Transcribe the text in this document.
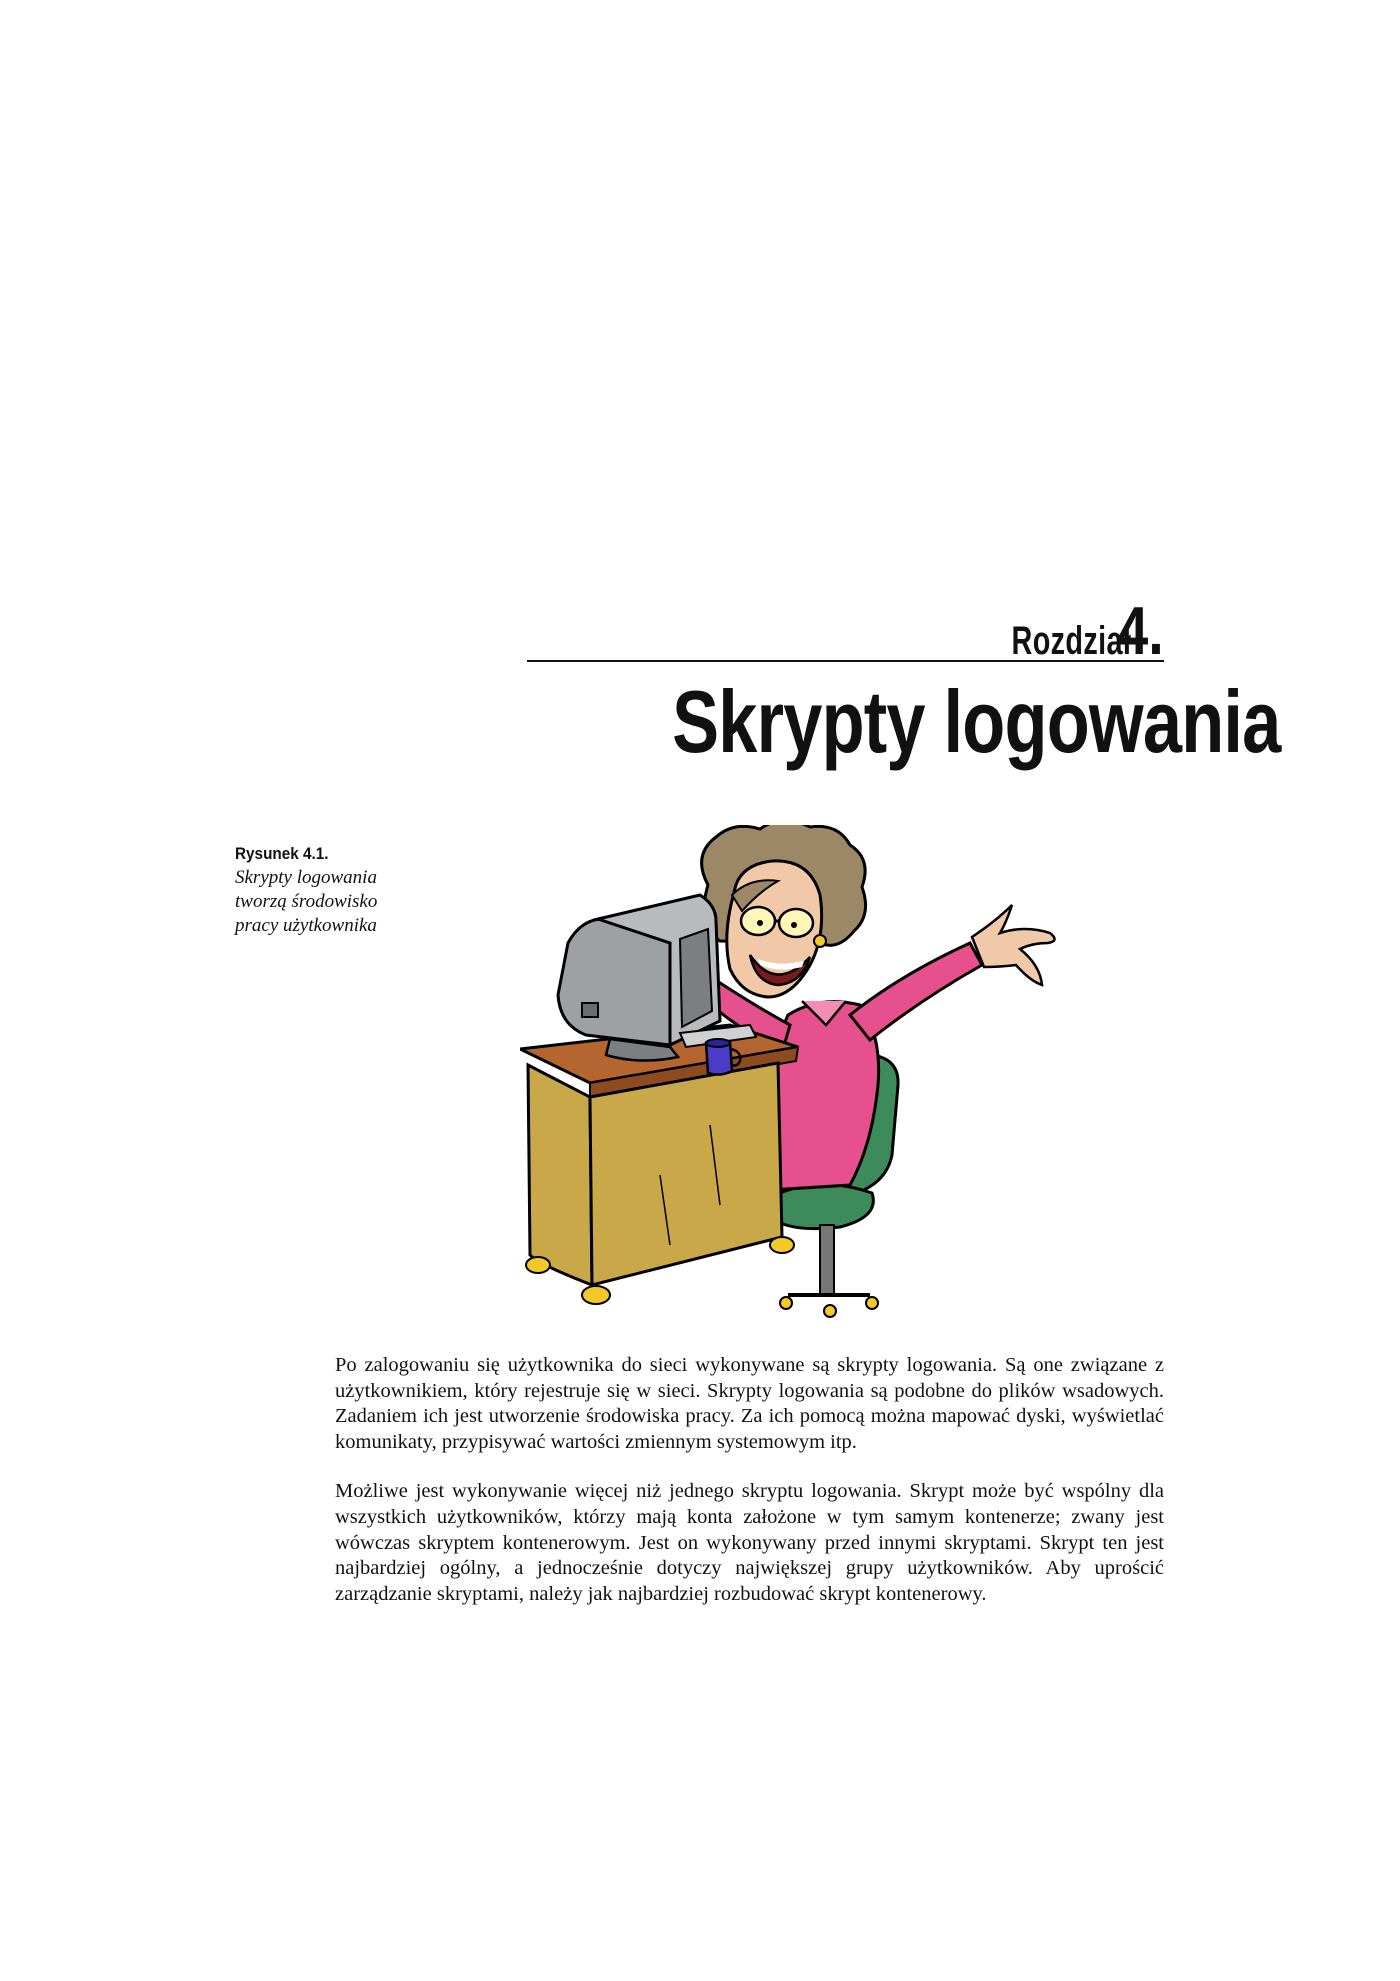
Rozdział 4.
Skrypty logowania
Rysunek 4.1.
Skrypty logowania
tworzą środowisko
pracy użytkownika

Po zalogowaniu się użytkownika do sieci wykonywane są skrypty logowania. Są one związane z użytkownikiem, który rejestruje się w sieci. Skrypty logowania są podobne do plików wsadowych. Zadaniem ich jest utworzenie środowiska pracy. Za ich pomocą można mapować dyski, wyświetlać komunikaty, przypisywać wartości zmiennym systemowym itp.

Możliwe jest wykonywanie więcej niż jednego skryptu logowania. Skrypt może być wspólny dla wszystkich użytkowników, którzy mają konta założone w tym samym kontenerze; zwany jest wówczas skryptem kontenerowym. Jest on wykonywany przed innymi skryptami. Skrypt ten jest najbardziej ogólny, a jednocześnie dotyczy największej grupy użytkowników. Aby uprościć zarządzanie skryptami, należy jak najbardziej rozbudować skrypt kontenerowy.
